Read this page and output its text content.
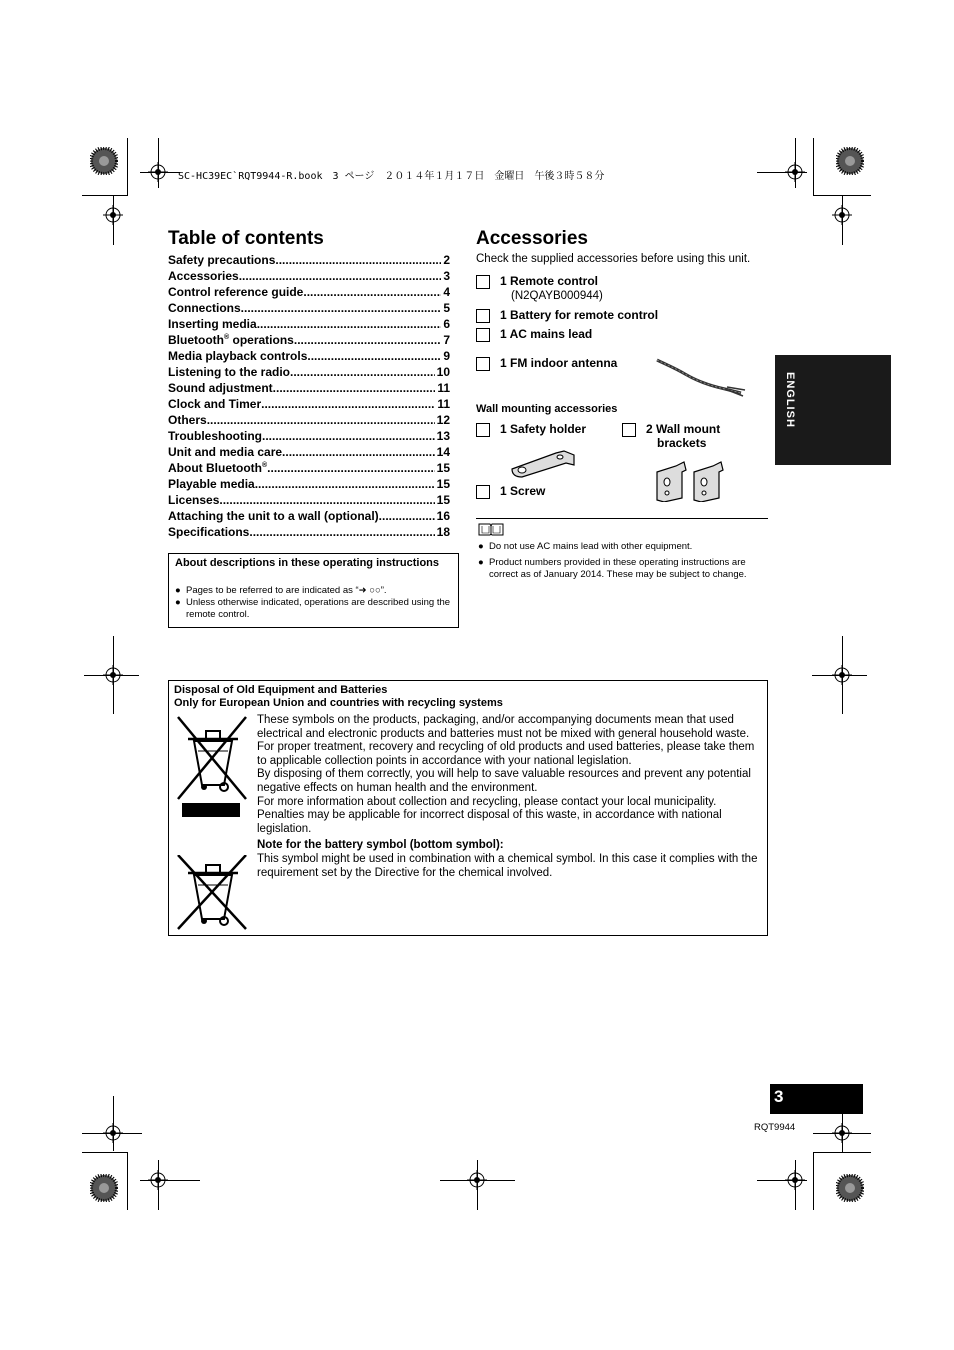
SC-HC39EC`RQT9944-R.book　3 ページ　２０１４年１月１７日　金曜日　午後３時５８分
Table of contents
Safety precautions .....	2
Accessories .....	3
Control reference guide .....	4
Connections .....	5
Inserting media .....	6
Bluetooth® operations .....	7
Media playback controls .....	9
Listening to the radio .....	10
Sound adjustment .....	11
Clock and Timer .....	11
Others .....	12
Troubleshooting .....	13
Unit and media care .....	14
About Bluetooth® .....	15
Playable media .....	15
Licenses .....	15
Attaching the unit to a wall (optional) .....	16
Specifications .....	18
About descriptions in these operating instructions
● Pages to be referred to are indicated as “➜ ○○”.
● Unless otherwise indicated, operations are described using the remote control.
Accessories
Check the supplied accessories before using this unit.
1 Remote control
(N2QAYB000944)
1 Battery for remote control
1 AC mains lead
1 FM indoor antenna
Wall mounting accessories
1 Safety holder	2 Wall mount
brackets
1 Screw
● Do not use AC mains lead with other equipment.
● Product numbers provided in these operating instructions are correct as of January 2014. These may be subject to change.
ENGLISH
Disposal of Old Equipment and Batteries
Only for European Union and countries with recycling systems
These symbols on the products, packaging, and/or accompanying documents mean that used electrical and electronic products and batteries must not be mixed with general household waste.
For proper treatment, recovery and recycling of old products and used batteries, please take them to applicable collection points in accordance with your national legislation.
By disposing of them correctly, you will help to save valuable resources and prevent any potential negative effects on human health and the environment.
For more information about collection and recycling, please contact your local municipality.
Penalties may be applicable for incorrect disposal of this waste, in accordance with national legislation.
Note for the battery symbol (bottom symbol):
This symbol might be used in combination with a chemical symbol. In this case it complies with the requirement set by the Directive for the chemical involved.
3
RQT9944
